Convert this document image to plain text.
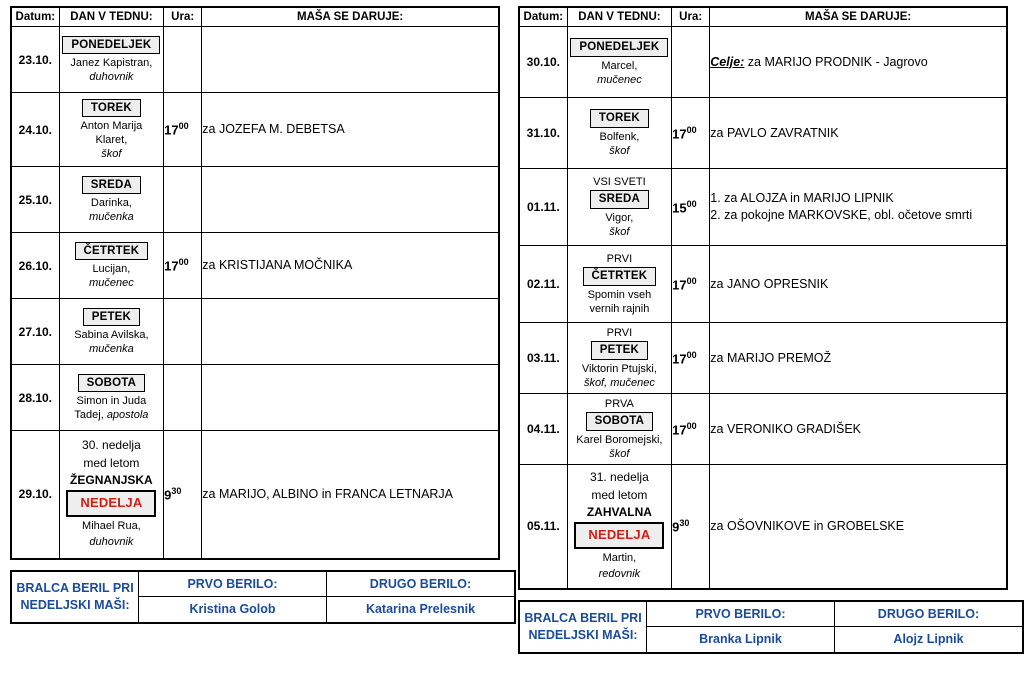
Datum:	DAN V TEDNU:	Ura:	MAŠA SE DARUJE:
23.10.	PONEDELJEK
Janez Kapistran,
duhovnik		

24.10.	TOREK
Anton Marija
Klaret,
škof	$17^{00}$	za JOZEFA M. DEBETSA
25.10.	SREDA
Darinka,
mučenka		

26.10.	ČETRTEK
Lucijan,
mučenec	$17^{00}$	za KRISTIJANA MOČNIKA
27.10.	PETEK
Sabina Avilska,
mučenka		

28.10.	SOBOTA
Simon in Juda
Tadej, apostola		

29.10.	
30. nedelja
med letom
ŽEGNANJSKA
NEDELJA
Mihael Rua,
duhovnik
	$9^{30}$	za MARIJO, ALBINO in FRANCA LETNARJA
BRALCA BERIL PRI
NEDELJSKI MAŠI:	PRVO BERILO:	DRUGO BERILO:
	Kristina Golob	Katarina Prelesnik
Datum:	DAN V TEDNU:	Ura:	MAŠA SE DARUJE:
30.10.	PONEDELJEK
Marcel,
mučenec		Celje: za MARIJO PRODNIK - Jagrovo
31.10.	TOREK
Bolfenk,
škof	$17^{00}$	za PAVLO ZAVRATNIK
01.11.	VSI SVETI
SREDA
Vigor,
škof	$15^{00}$	1. za ALOJZA in MARIJO LIPNIK
2. za pokojne MARKOVSKE, obl. očetove smrti

02.11.	PRVI
ČETRTEK
Spomin vseh
vernih rajnih	$17^{00}$	za JANO OPRESNIK
03.11.	PRVI
PETEK
Viktorin Ptujski,
škof, mučenec	$17^{00}$	za MARIJO PREMOŽ
04.11.	PRVA
SOBOTA
Karel Boromejski,
škof	$17^{00}$	za VERONIKO GRADIŠEK
05.11.	
31. nedelja
med letom
ZAHVALNA
NEDELJA
Martin,
redovnik
	$9^{30}$	za OŠOVNIKOVE in GROBELSKE
BRALCA BERIL PRI
NEDELJSKI MAŠI:	PRVO BERILO:	DRUGO BERILO:
	Branka Lipnik	Alojz Lipnik
